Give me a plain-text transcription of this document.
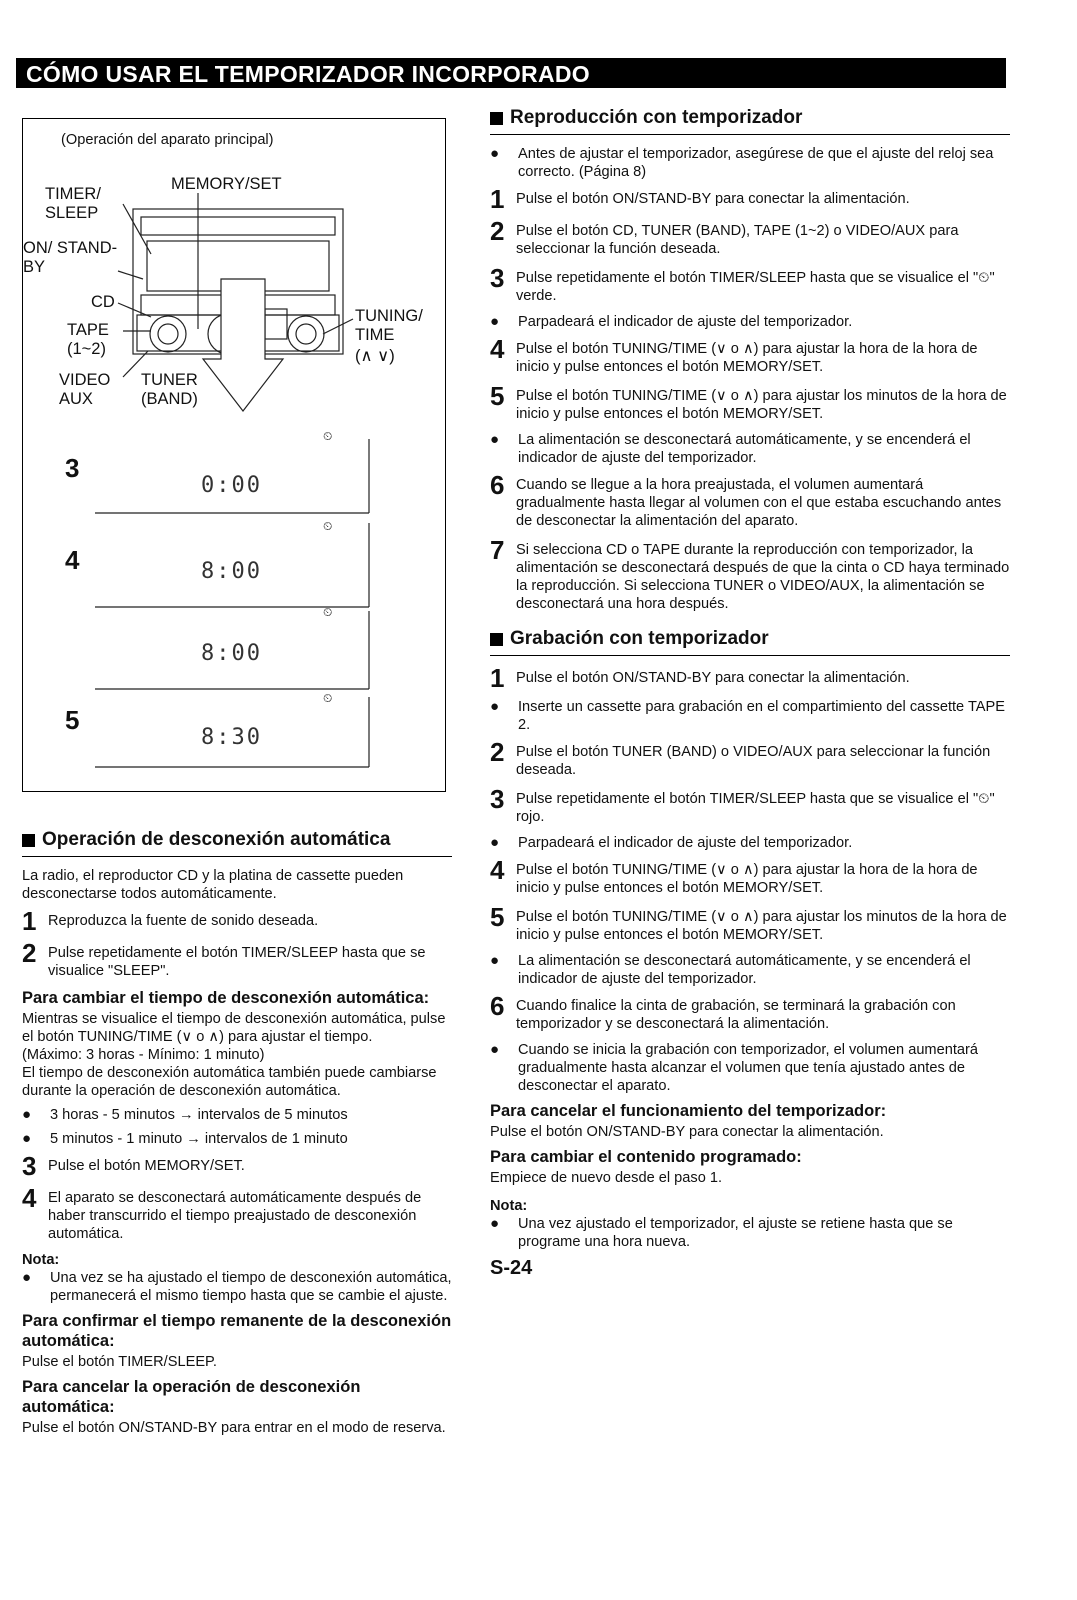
CÓMO USAR EL TEMPORIZADOR INCORPORADO
(Operación del aparato principal)
TIMER/ SLEEP
MEMORY/SET
ON/ STAND-BY
CD
TAPE (1~2)
VIDEO AUX
TUNER (BAND)
TUNING/ TIME
(∧ ∨)
3
0:00
⏲
4	8:00
⏲
8:00
⏲
5
8:30
⏲
Operación de desconexión automática

La radio, el reproductor CD y la platina de cassette pueden desconectarse todos automáticamente.

1 Reproduzca la fuente de sonido deseada.
2 Pulse repetidamente el botón TIMER/SLEEP hasta que se visualice "SLEEP".
Para cambiar el tiempo de desconexión automática:

Mientras se visualice el tiempo de desconexión automática, pulse el botón TUNING/TIME (∨ o ∧) para ajustar el tiempo.

(Máximo: 3 horas - Mínimo: 1 minuto)

El tiempo de desconexión automática también puede cambiarse durante la operación de desconexión automática.

●	3 horas - 5 minutos → intervalos de 5 minutos
●	5 minutos - 1 minuto → intervalos de 1 minuto
3 Pulse el botón MEMORY/SET.
4 El aparato se desconectará automáticamente después de haber transcurrido el tiempo preajustado de desconexión automática.
Nota:
●	Una vez se ha ajustado el tiempo de desconexión automática, permanecerá el mismo tiempo hasta que se cambie el ajuste.
Para confirmar el tiempo remanente de la desconexión automática:

Pulse el botón TIMER/SLEEP.

Para cancelar la operación de desconexión automática:

Pulse el botón ON/STAND-BY para entrar en el modo de reserva.

Reproducción con temporizador
●	Antes de ajustar el temporizador, asegúrese de que el ajuste del reloj sea correcto. (Página 8)
1 Pulse el botón ON/STAND-BY para conectar la alimentación.
2 Pulse el botón CD, TUNER (BAND), TAPE (1~2) o VIDEO/AUX para seleccionar la función deseada.
3 Pulse repetidamente el botón TIMER/SLEEP hasta que se visualice el "⏲" verde.
●	Parpadeará el indicador de ajuste del temporizador.
4 Pulse el botón TUNING/TIME (∨ o ∧) para ajustar la hora de la hora de inicio y pulse entonces el botón MEMORY/SET.
5 Pulse el botón TUNING/TIME (∨ o ∧) para ajustar los minutos de la hora de inicio y pulse entonces el botón MEMORY/SET.
●	La alimentación se desconectará automáticamente, y se encenderá el indicador de ajuste del temporizador.
6 Cuando se llegue a la hora preajustada, el volumen aumentará gradualmente hasta llegar al volumen con el que estaba escuchando antes de desconectar la alimentación del aparato.
7 Si selecciona CD o TAPE durante la reproducción con temporizador, la alimentación se desconectará después de que la cinta o CD haya terminado la reproducción. Si selecciona TUNER o VIDEO/AUX, la alimentación se desconectará una hora después.
Grabación con temporizador
1 Pulse el botón ON/STAND-BY para conectar la alimentación.
●	Inserte un cassette para grabación en el compartimiento del cassette TAPE 2.
2 Pulse el botón TUNER (BAND) o VIDEO/AUX para seleccionar la función deseada.
3 Pulse repetidamente el botón TIMER/SLEEP hasta que se visualice el "⏲" rojo.
●	Parpadeará el indicador de ajuste del temporizador.
4 Pulse el botón TUNING/TIME (∨ o ∧) para ajustar la hora de la hora de inicio y pulse entonces el botón MEMORY/SET.
5 Pulse el botón TUNING/TIME (∨ o ∧) para ajustar los minutos de la hora de inicio y pulse entonces el botón MEMORY/SET.
●	La alimentación se desconectará automáticamente, y se encenderá el indicador de ajuste del temporizador.
6 Cuando finalice la cinta de grabación, se terminará la grabación con temporizador y se desconectará la alimentación.
●	Cuando se inicia la grabación con temporizador, el volumen aumentará gradualmente hasta alcanzar el volumen que tenía ajustado antes de desconectar el aparato.
Para cancelar el funcionamiento del temporizador:

Pulse el botón ON/STAND-BY para conectar la alimentación.

Para cambiar el contenido programado:

Empiece de nuevo desde el paso 1.

Nota:
●	Una vez ajustado el temporizador, el ajuste se retiene hasta que se programe una hora nueva.
S-24
